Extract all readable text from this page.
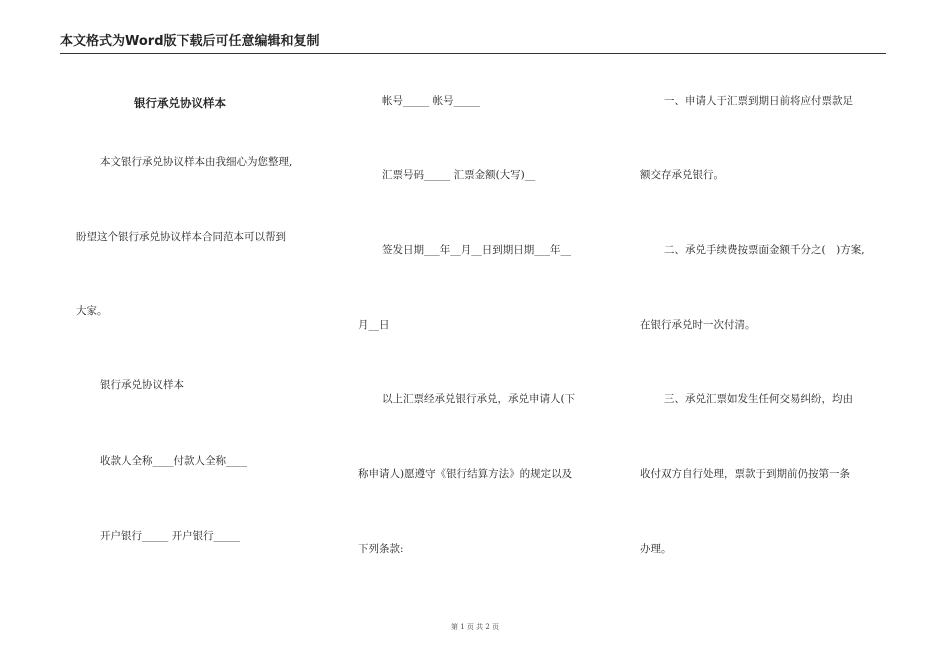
本文格式为Word版下载后可任意编辑和复制
银行承兑协议样本
本文银行承兑协议样本由我细心为您整理,
盼望这个银行承兑协议样本合同范本可以帮到
大家。
银行承兑协议样本
收款人全称____付款人全称____
开户银行_____ 开户银行_____
帐号_____ 帐号_____
汇票号码_____ 汇票金额(大写)__
签发日期___年__月__日到期日期___年__
月__日
以上汇票经承兑银行承兑，承兑申请人(下
称申请人)愿遵守《银行结算方法》的规定以及
下列条款:
一、申请人于汇票到期日前将应付票款足
额交存承兑银行。
二、承兑手续费按票面金额千分之(　)方案,
在银行承兑时一次付清。
三、承兑汇票如发生任何交易纠纷，均由
收付双方自行处理，票款于到期前仍按第一条
办理。
第 1 页 共 2 页
